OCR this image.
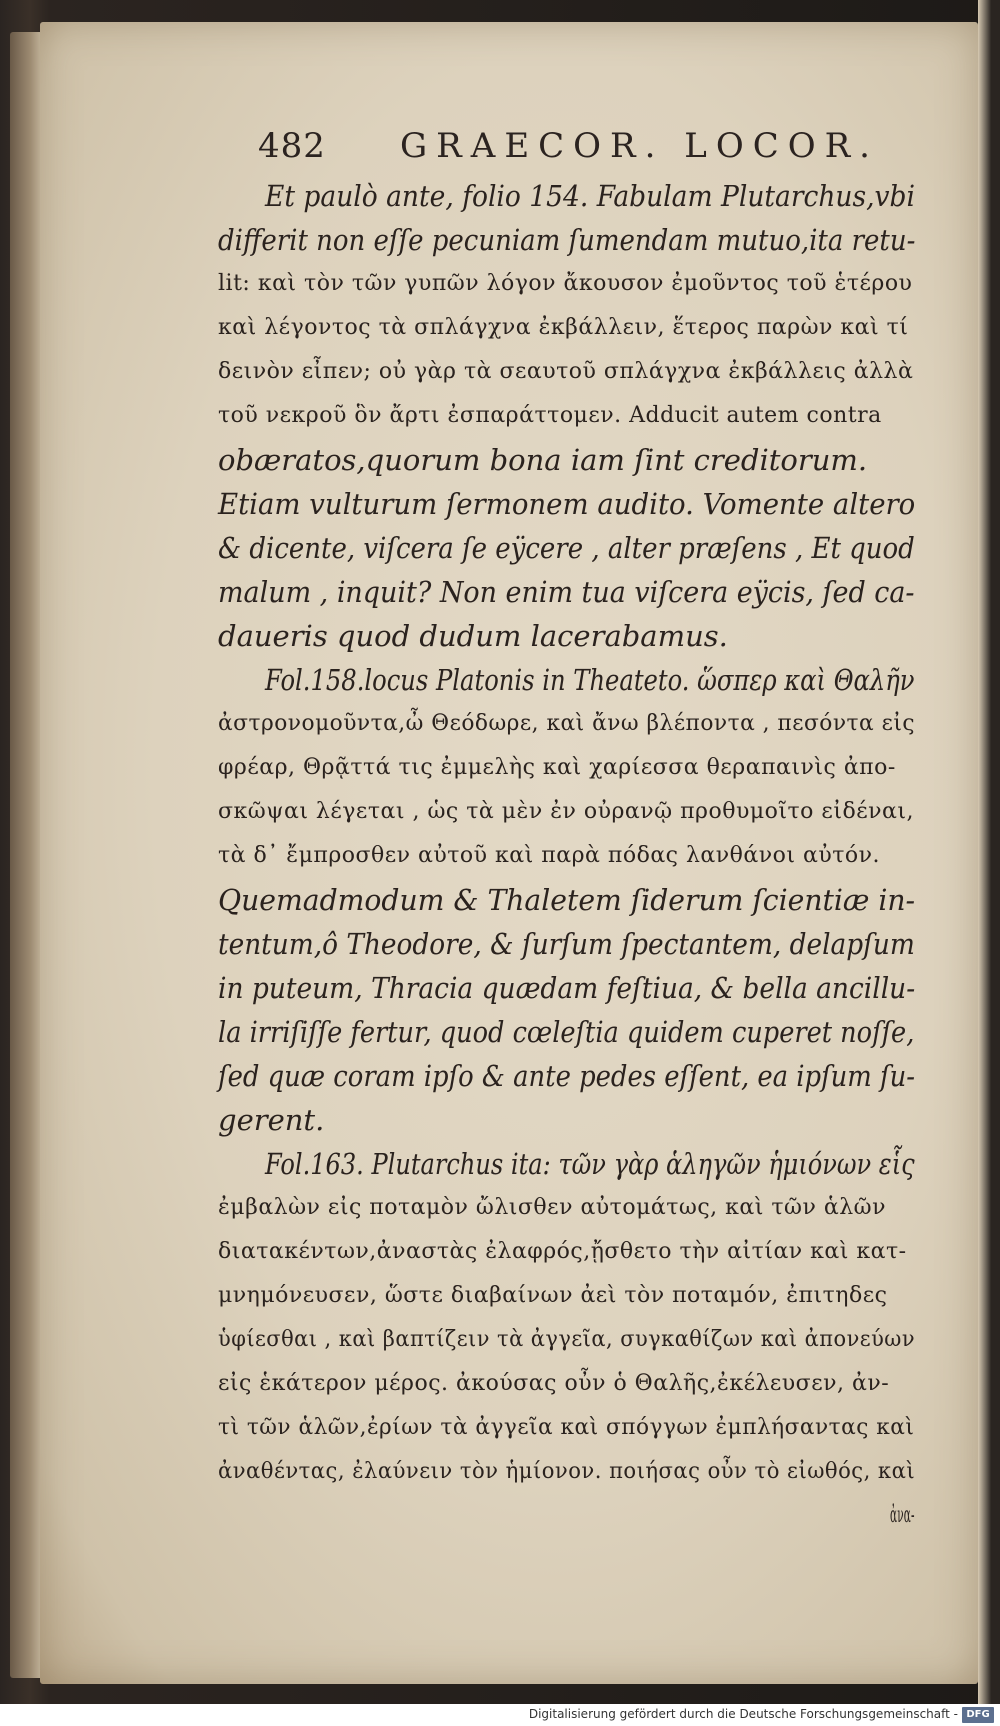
482 GRAECOR. LOCOR.
Et paulò ante, folio 154. Fabulam Plutarchus,vbi
differit non eſſe pecuniam ſumendam mutuo,ita retu-
lit: καὶ τὸν τῶν γυπῶν λόγον ἄκουσον ἐμοῦντος τοῦ ἑτέρου
καὶ λέγοντος τὰ σπλάγχνα ἐκβάλλειν, ἕτερος παρὼν καὶ τί
δεινὸν εἶπεν; οὐ γὰρ τὰ σεαυτοῦ σπλάγχνα ἐκβάλλεις ἀλλὰ
τοῦ νεκροῦ ὃν ἄρτι ἐσπαράττομεν. Adducit autem contra
obæratos,quorum bona iam ſint creditorum.
Etiam vulturum ſermonem audito. Vomente altero
& dicente, viſcera ſe eÿcere , alter præſens , Et quod
malum , inquit? Non enim tua viſcera eÿcis, ſed ca-
daueris quod dudum lacerabamus.
Fol.158.locus Platonis in Theateto. ὥσπερ καὶ Θαλῆν
ἀστρονομοῦντα,ὦ Θεόδωρε, καὶ ἄνω βλέποντα , πεσόντα εἰς
φρέαρ, Θρᾷττά τις ἐμμελὴς καὶ χαρίεσσα θεραπαινὶς ἀπο-
σκῶψαι λέγεται , ὡς τὰ μὲν ἐν οὐρανῷ προθυμοῖτο εἰδέναι,
τὰ δ᾽ ἔμπροσθεν αὐτοῦ καὶ παρὰ πόδας λανθάνοι αὐτόν.
Quemadmodum & Thaletem ſiderum ſcientiæ in-
tentum,ô Theodore, & ſurſum ſpectantem, delapſum
in puteum, Thracia quædam feſtiua, & bella ancillu-
la irriſiſſe fertur, quod cœleſtia quidem cuperet noſſe,
ſed quæ coram ipſo & ante pedes eſſent, ea ipſum ſu-
gerent.
Fol.163. Plutarchus ita: τῶν γὰρ ἁληγῶν ἡμιόνων εἷς
ἐμβαλὼν εἰς ποταμὸν ὤλισθεν αὐτομάτως, καὶ τῶν ἁλῶν
διατακέντων,ἀναστὰς ἐλαφρός,ᾔσθετο τὴν αἰτίαν καὶ κατ-
μνημόνευσεν, ὥστε διαβαίνων ἀεὶ τὸν ποταμόν, ἐπιτηδες
ὑφίεσθαι , καὶ βαπτίζειν τὰ ἀγγεῖα, συγκαθίζων καὶ ἀπονεύων
εἰς ἑκάτερον μέρος. ἀκούσας οὖν ὁ Θαλῆς,ἐκέλευσεν, ἀν-
τὶ τῶν ἁλῶν,ἐρίων τὰ ἀγγεῖα καὶ σπόγγων ἐμπλήσαντας καὶ
ἀναθέντας, ἐλαύνειν τὸν ἡμίονον. ποιήσας οὖν τὸ εἰωθός, καὶ
ἀνα-
Digitalisierung gefördert durch die Deutsche Forschungsgemeinschaft - DFG
